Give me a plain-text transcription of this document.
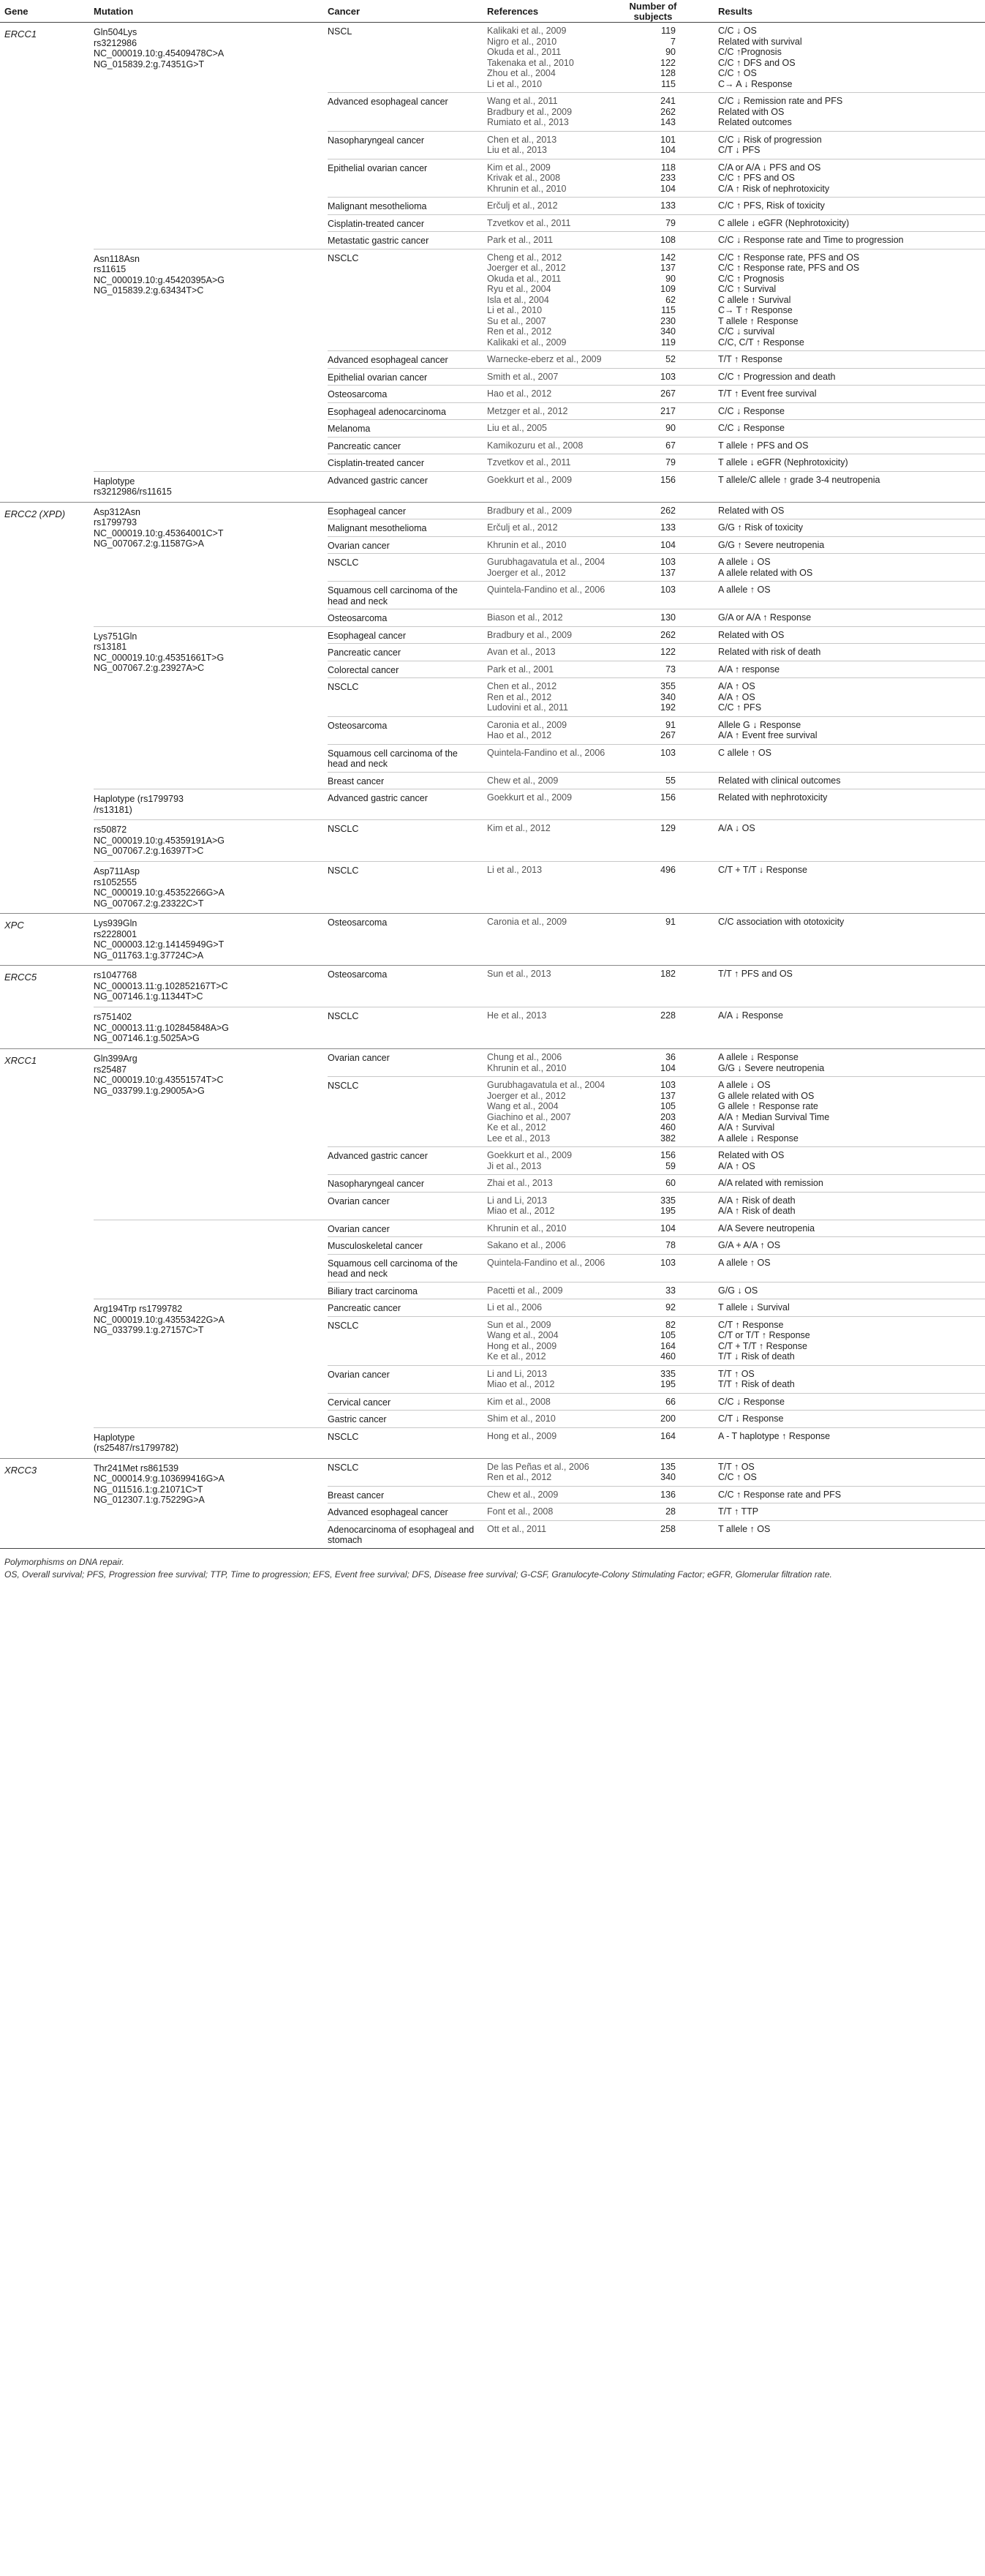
Gene	Mutation	Cancer	References	Number of subjects	Results
ERCC1	Gln504Lys
rs3212986
NC_000019.10:g.45409478C>A
NG_015839.2:g.74351G>T
NSCL	Kalikaki et al., 2009	119	C/C ↓ OS
Nigro et al., 2010	7	Related with survival
Okuda et al., 2011	90	C/C ↑Prognosis
Takenaka et al., 2010	122	C/C ↑ DFS and OS
Zhou et al., 2004	128	C/C ↑ OS
Li et al., 2010	115	C→ A ↓ Response
Advanced esophageal cancer	Wang et al., 2011	241	C/C ↓ Remission rate and PFS
Bradbury et al., 2009	262	Related with OS
Rumiato et al., 2013	143	Related outcomes
Nasopharyngeal cancer	Chen et al., 2013	101	C/C ↓ Risk of progression
Liu et al., 2013	104	C/T ↓ PFS
Epithelial ovarian cancer	Kim et al., 2009	118	C/A or A/A ↓ PFS and OS
Krivak et al., 2008	233	C/C ↑ PFS and OS
Khrunin et al., 2010	104	C/A ↑ Risk of nephrotoxicity
Malignant mesothelioma	Erčulj et al., 2012	133	C/C ↑ PFS, Risk of toxicity
Cisplatin-treated cancer	Tzvetkov et al., 2011	79	C allele ↓ eGFR (Nephrotoxicity)
Metastatic gastric cancer	Park et al., 2011	108	C/C ↓ Response rate and Time to progression
Asn118Asn
rs11615
NC_000019.10:g.45420395A>G
NG_015839.2:g.63434T>C
NSCLC	Cheng et al., 2012	142	C/C ↑ Response rate, PFS and OS
Joerger et al., 2012	137	C/C ↑ Response rate, PFS and OS
Okuda et al., 2011	90	C/C ↑ Prognosis
Ryu et al., 2004	109	C/C ↑ Survival
Isla et al., 2004	62	C allele ↑ Survival
Li et al., 2010	115	C→ T ↑ Response
Su et al., 2007	230	T allele ↑ Response
Ren et al., 2012	340	C/C ↓ survival
Kalikaki et al., 2009	119	C/C, C/T ↑ Response
Advanced esophageal cancer	Warnecke-eberz et al., 2009	52	T/T ↑ Response
Epithelial ovarian cancer	Smith et al., 2007	103	C/C ↑ Progression and death
Osteosarcoma	Hao et al., 2012	267	T/T ↑ Event free survival
Esophageal adenocarcinoma	Metzger et al., 2012	217	C/C ↓ Response
Melanoma	Liu et al., 2005	90	C/C ↓ Response
Pancreatic cancer	Kamikozuru et al., 2008	67	T allele ↑ PFS and OS
Cisplatin-treated cancer	Tzvetkov et al., 2011	79	T allele ↓ eGFR (Nephrotoxicity)
Haplotype
rs3212986/rs11615
Advanced gastric cancer	Goekkurt et al., 2009	156	T allele/C allele ↑ grade 3-4 neutropenia
ERCC2 (XPD)	Asp312Asn
rs1799793
NC_000019.10:g.45364001C>T
NG_007067.2:g.11587G>A
Esophageal cancer	Bradbury et al., 2009	262	Related with OS
Malignant mesothelioma	Erčulj et al., 2012	133	G/G ↑ Risk of toxicity
Ovarian cancer	Khrunin et al., 2010	104	G/G ↑ Severe neutropenia
NSCLC	Gurubhagavatula et al., 2004	103	A allele ↓ OS
Joerger et al., 2012	137	A allele related with OS
Squamous cell carcinoma of the head and neck
Quintela-Fandino et al., 2006	103	A allele ↑ OS
Osteosarcoma	Biason et al., 2012	130	G/A or A/A ↑ Response
Lys751Gln
rs13181
NC_000019.10:g.45351661T>G
NG_007067.2:g.23927A>C
Esophageal cancer	Bradbury et al., 2009	262	Related with OS
Pancreatic cancer	Avan et al., 2013	122	Related with risk of death
Colorectal cancer	Park et al., 2001	73	A/A ↑ response
NSCLC	Chen et al., 2012	355	A/A ↑ OS
Ren et al., 2012	340	A/A ↑ OS
Ludovini et al., 2011	192	C/C ↑ PFS
Osteosarcoma	Caronia et al., 2009	91	Allele G ↓ Response
Hao et al., 2012	267	A/A ↑ Event free survival
Squamous cell carcinoma of the head and neck
Quintela-Fandino et al., 2006	103	C allele ↑ OS
Breast cancer	Chew et al., 2009	55	Related with clinical outcomes
Haplotype (rs1799793
/rs13181)
Advanced gastric cancer	Goekkurt et al., 2009	156	Related with nephrotoxicity
rs50872
NC_000019.10:g.45359191A>G
NG_007067.2:g.16397T>C
NSCLC	Kim et al., 2012	129	A/A ↓ OS
Asp711Asp
rs1052555
NC_000019.10:g.45352266G>A
NG_007067.2:g.23322C>T
NSCLC	Li et al., 2013	496	C/T + T/T ↓ Response
XPC	Lys939Gln
rs2228001
NC_000003.12:g.14145949G>T
NG_011763.1:g.37724C>A
Osteosarcoma	Caronia et al., 2009	91	C/C association with ototoxicity
ERCC5	rs1047768
NC_000013.11:g.102852167T>C
NG_007146.1:g.11344T>C
Osteosarcoma	Sun et al., 2013	182	T/T ↑ PFS and OS
rs751402
NC_000013.11:g.102845848A>G
NG_007146.1:g.5025A>G
NSCLC	He et al., 2013	228	A/A ↓ Response
XRCC1	Gln399Arg
rs25487
NC_000019.10:g.43551574T>C
NG_033799.1:g.29005A>G
Ovarian cancer	Chung et al., 2006	36	A allele ↓ Response
Khrunin et al., 2010	104	G/G ↓ Severe neutropenia
NSCLC	Gurubhagavatula et al., 2004	103	A allele ↓ OS
Joerger et al., 2012	137	G allele related with OS
Wang et al., 2004	105	G allele ↑ Response rate
Giachino et al., 2007	203	A/A ↑ Median Survival Time
Ke et al., 2012	460	A/A ↑ Survival
Lee et al., 2013	382	A allele ↓ Response
Advanced gastric cancer	Goekkurt et al., 2009	156	Related with OS
Ji et al., 2013	59	A/A ↑ OS
Nasopharyngeal cancer	Zhai et al., 2013	60	A/A related with remission
Ovarian cancer	Li and Li, 2013	335	A/A ↑ Risk of death
Miao et al., 2012	195	A/A ↑ Risk of death
Ovarian cancer	Khrunin et al., 2010	104	A/A Severe neutropenia
Musculoskeletal cancer	Sakano et al., 2006	78	G/A + A/A ↑ OS
Squamous cell carcinoma of the head and neck
Quintela-Fandino et al., 2006	103	A allele ↑ OS
Biliary tract carcinoma	Pacetti et al., 2009	33	G/G ↓ OS
Arg194Trp rs1799782
NC_000019.10:g.43553422G>A
NG_033799.1:g.27157C>T
Pancreatic cancer	Li et al., 2006	92	T allele ↓ Survival
NSCLC	Sun et al., 2009	82	C/T ↑ Response
Wang et al., 2004	105	C/T or T/T ↑ Response
Hong et al., 2009	164	C/T + T/T ↑ Response
Ke et al., 2012	460	T/T ↓ Risk of death
Ovarian cancer	Li and Li, 2013	335	T/T ↑ OS
Miao et al., 2012	195	T/T ↑ Risk of death
Cervical cancer	Kim et al., 2008	66	C/C ↓ Response
Gastric cancer	Shim et al., 2010	200	C/T ↓ Response
Haplotype
(rs25487/rs1799782)
NSCLC	Hong et al., 2009	164	A - T haplotype ↑ Response
XRCC3	Thr241Met rs861539
NC_000014.9:g.103699416G>A
NG_011516.1:g.21071C>T
NG_012307.1:g.75229G>A
NSCLC	De las Peñas et al., 2006	135	T/T ↑ OS
Ren et al., 2012	340	C/C ↑ OS
Breast cancer	Chew et al., 2009	136	C/C ↑ Response rate and PFS
Advanced esophageal cancer	Font et al., 2008	28	T/T ↑ TTP
Adenocarcinoma of esophageal and stomach
Ott et al., 2011	258	T allele ↑ OS
Polymorphisms on DNA repair.
OS, Overall survival; PFS, Progression free survival; TTP, Time to progression; EFS, Event free survival; DFS, Disease free survival; G-CSF, Granulocyte-Colony Stimulating Factor; eGFR, Glomerular filtration rate.
